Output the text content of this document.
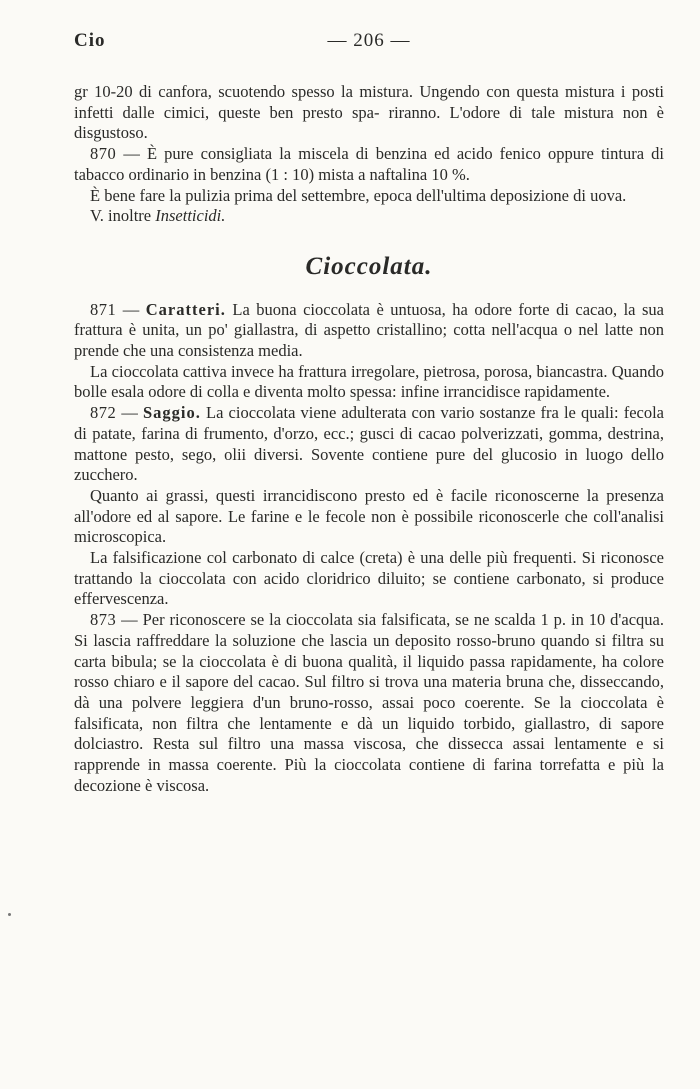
Cio	— 206 —

gr 10-20 di canfora, scuotendo spesso la mistura. Ungendo con questa mistura i posti infetti dalle cimici, queste ben presto spa- riranno. L'odore di tale mistura non è disgustoso.

870 — È pure consigliata la miscela di benzina ed acido fenico oppure tintura di tabacco ordinario in benzina (1 : 10) mista a naftalina 10 %.

È bene fare la pulizia prima del settembre, epoca dell'ultima deposizione di uova.

V. inoltre Insetticidi.

Cioccolata.

871 — Caratteri. La buona cioccolata è untuosa, ha odore forte di cacao, la sua frattura è unita, un po' giallastra, di aspetto cristallino; cotta nell'acqua o nel latte non prende che una consistenza media.

La cioccolata cattiva invece ha frattura irregolare, pietrosa, porosa, biancastra. Quando bolle esala odore di colla e diventa molto spessa: infine irrancidisce rapidamente.

872 — Saggio. La cioccolata viene adulterata con vario sostanze fra le quali: fecola di patate, farina di frumento, d'orzo, ecc.; gusci di cacao polverizzati, gomma, destrina, mattone pesto, sego, olii diversi. Sovente contiene pure del glucosio in luogo dello zucchero.

Quanto ai grassi, questi irrancidiscono presto ed è facile riconoscerne la presenza all'odore ed al sapore. Le farine e le fecole non è possibile riconoscerle che coll'analisi microscopica.

La falsificazione col carbonato di calce (creta) è una delle più frequenti. Si riconosce trattando la cioccolata con acido cloridrico diluito; se contiene carbonato, si produce effervescenza.

873 — Per riconoscere se la cioccolata sia falsificata, se ne scalda 1 p. in 10 d'acqua. Si lascia raffreddare la soluzione che lascia un deposito rosso-bruno quando si filtra su carta bibula; se la cioccolata è di buona qualità, il liquido passa rapidamente, ha colore rosso chiaro e il sapore del cacao. Sul filtro si trova una materia bruna che, disseccando, dà una polvere leggiera d'un bruno-rosso, assai poco coerente. Se la cioccolata è falsificata, non filtra che lentamente e dà un liquido torbido, giallastro, di sapore dolciastro. Resta sul filtro una massa viscosa, che dissecca assai lentamente e si rapprende in massa coerente. Più la cioccolata contiene di farina torrefatta e più la decozione è viscosa.
